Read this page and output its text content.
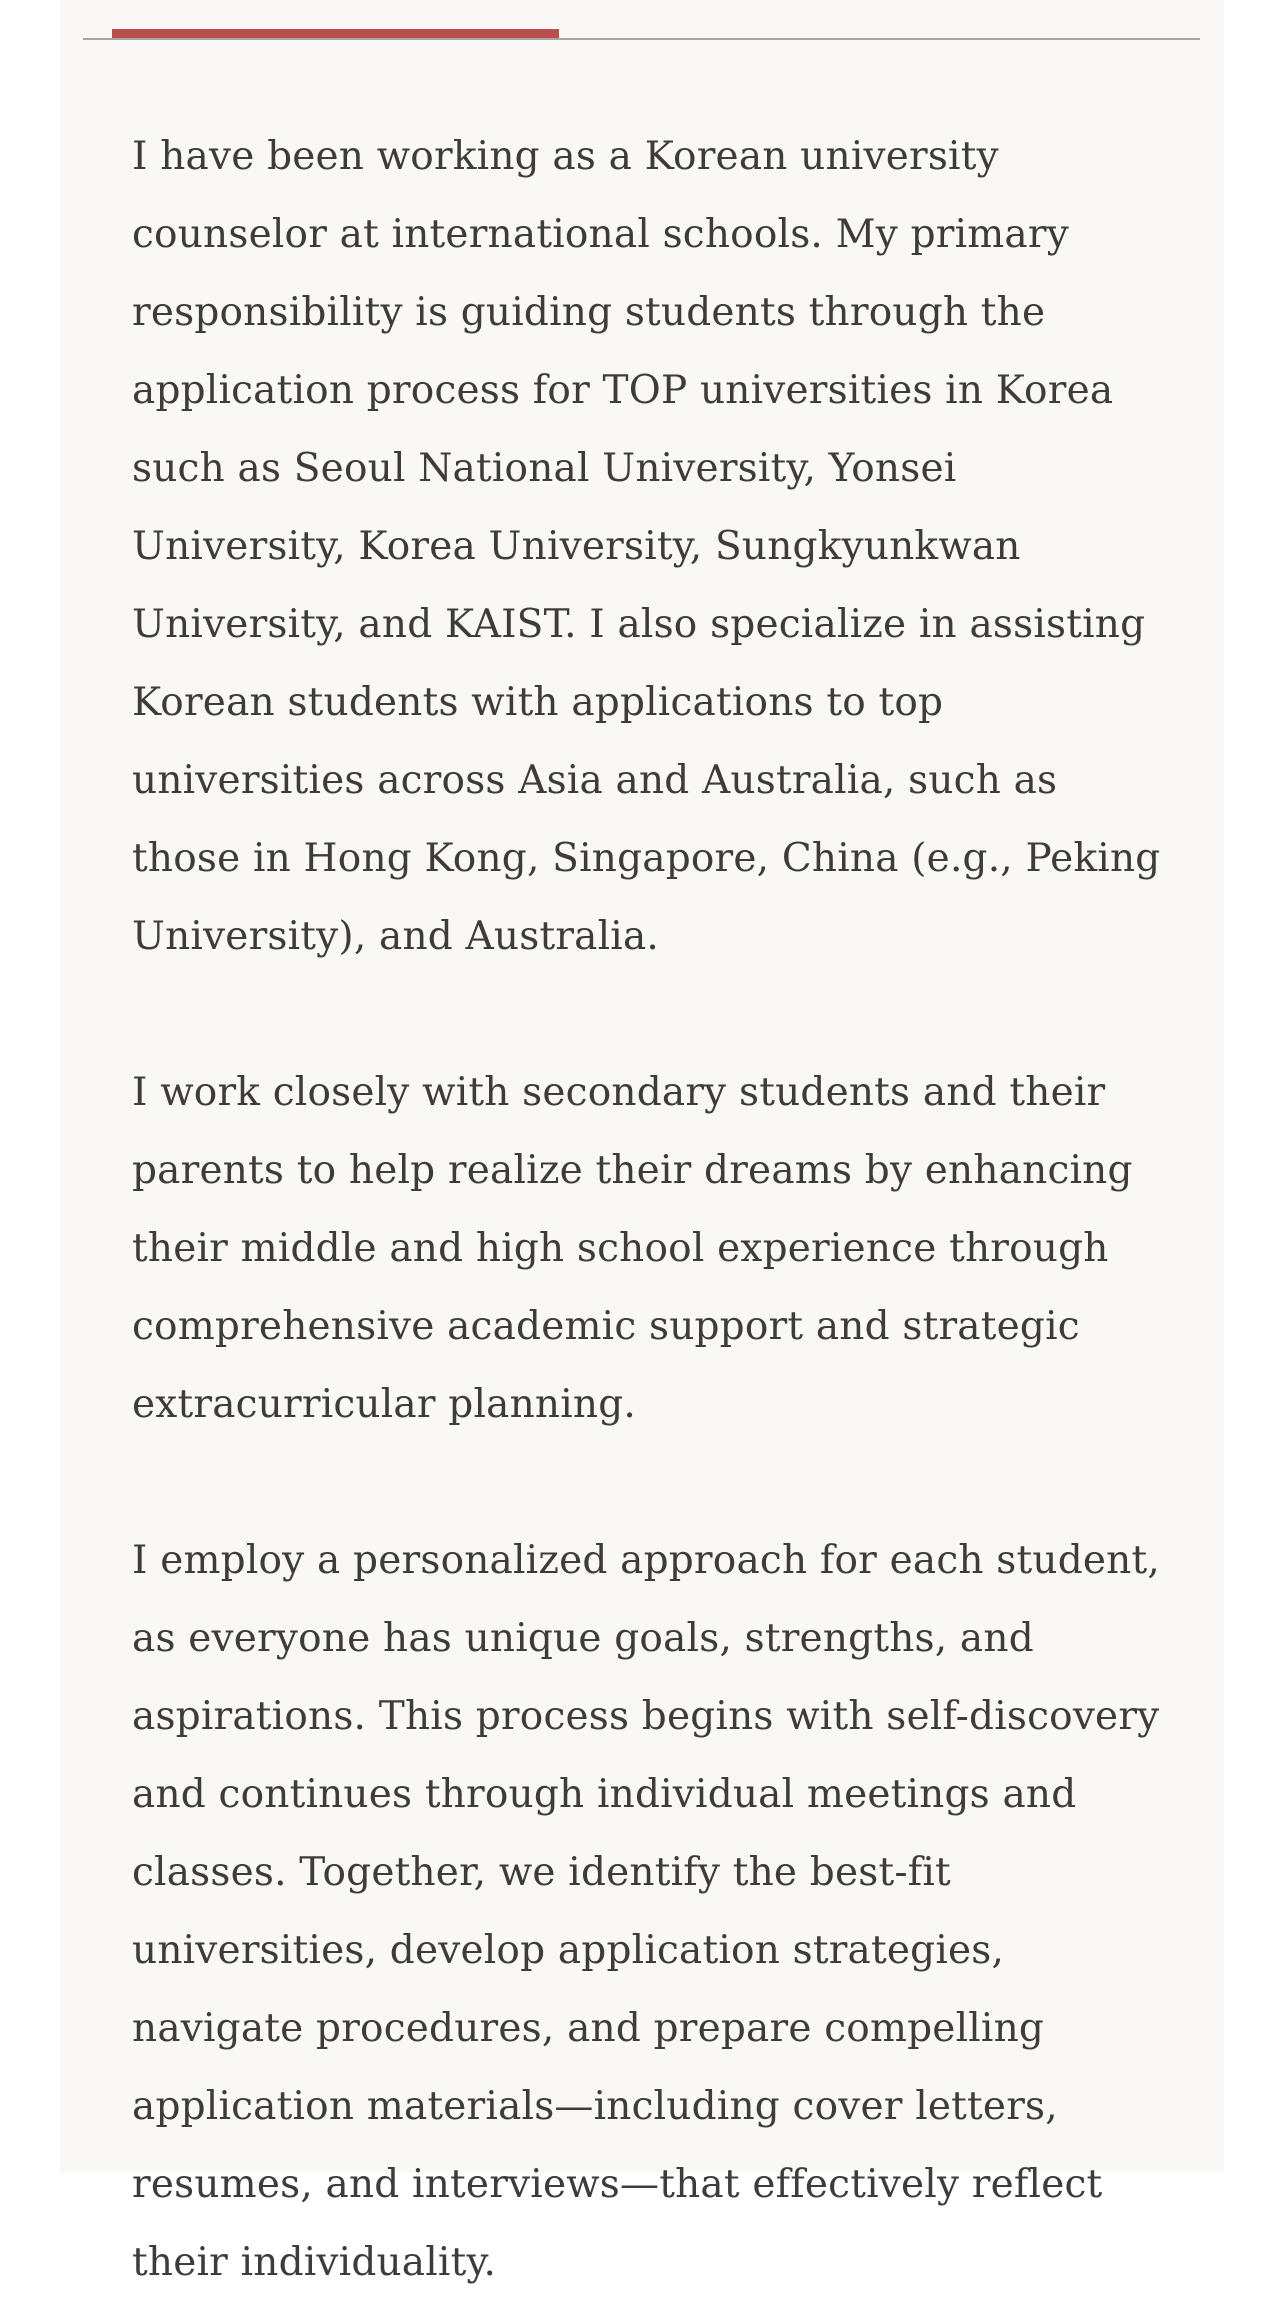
I have been working as a Korean university counselor at international schools. My primary responsibility is guiding students through the application process for TOP universities in Korea such as Seoul National University, Yonsei University, Korea University, Sungkyunkwan University, and KAIST. I also specialize in assisting Korean students with applications to top universities across Asia and Australia, such as those in Hong Kong, Singapore, China (e.g., Peking University), and Australia.

I work closely with secondary students and their parents to help realize their dreams by enhancing their middle and high school experience through comprehensive academic support and strategic extracurricular planning.

I employ a personalized approach for each student, as everyone has unique goals, strengths, and aspirations. This process begins with self-discovery and continues through individual meetings and classes. Together, we identify the best-fit universities, develop application strategies, navigate procedures, and prepare compelling application materials—including cover letters, resumes, and interviews—that effectively reflect their individuality.
